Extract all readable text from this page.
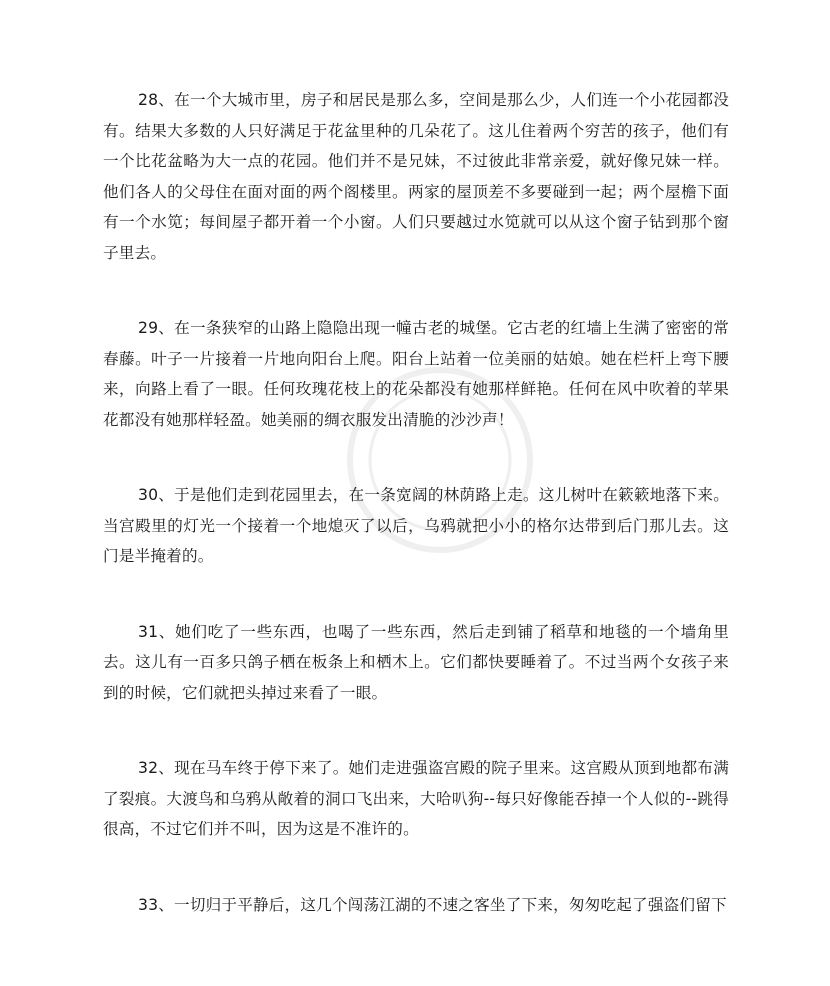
28、在一个大城市里，房子和居民是那么多，空间是那么少，人们连一个小花园都没有。结果大多数的人只好满足于花盆里种的几朵花了。这儿住着两个穷苦的孩子，他们有一个比花盆略为大一点的花园。他们并不是兄妹，不过彼此非常亲爱，就好像兄妹一样。他们各人的父母住在面对面的两个阁楼里。两家的屋顶差不多要碰到一起；两个屋檐下面有一个水笕；每间屋子都开着一个小窗。人们只要越过水笕就可以从这个窗子钻到那个窗子里去。

29、在一条狭窄的山路上隐隐出现一幢古老的城堡。它古老的红墙上生满了密密的常春藤。叶子一片接着一片地向阳台上爬。阳台上站着一位美丽的姑娘。她在栏杆上弯下腰来，向路上看了一眼。任何玫瑰花枝上的花朵都没有她那样鲜艳。任何在风中吹着的苹果花都没有她那样轻盈。她美丽的绸衣服发出清脆的沙沙声！

30、于是他们走到花园里去，在一条宽阔的林荫路上走。这儿树叶在簌簌地落下来。当宫殿里的灯光一个接着一个地熄灭了以后，乌鸦就把小小的格尔达带到后门那儿去。这门是半掩着的。

31、她们吃了一些东西，也喝了一些东西，然后走到铺了稻草和地毯的一个墙角里去。这儿有一百多只鸽子栖在板条上和栖木上。它们都快要睡着了。不过当两个女孩子来到的时候，它们就把头掉过来看了一眼。

32、现在马车终于停下来了。她们走进强盗宫殿的院子里来。这宫殿从顶到地都布满了裂痕。大渡鸟和乌鸦从敞着的洞口飞出来，大哈叭狗--每只好像能吞掉一个人似的--跳得很高，不过它们并不叫，因为这是不准许的。

33、一切归于平静后，这几个闯荡江湖的不速之客坐了下来，匆匆吃起了强盗们留下
